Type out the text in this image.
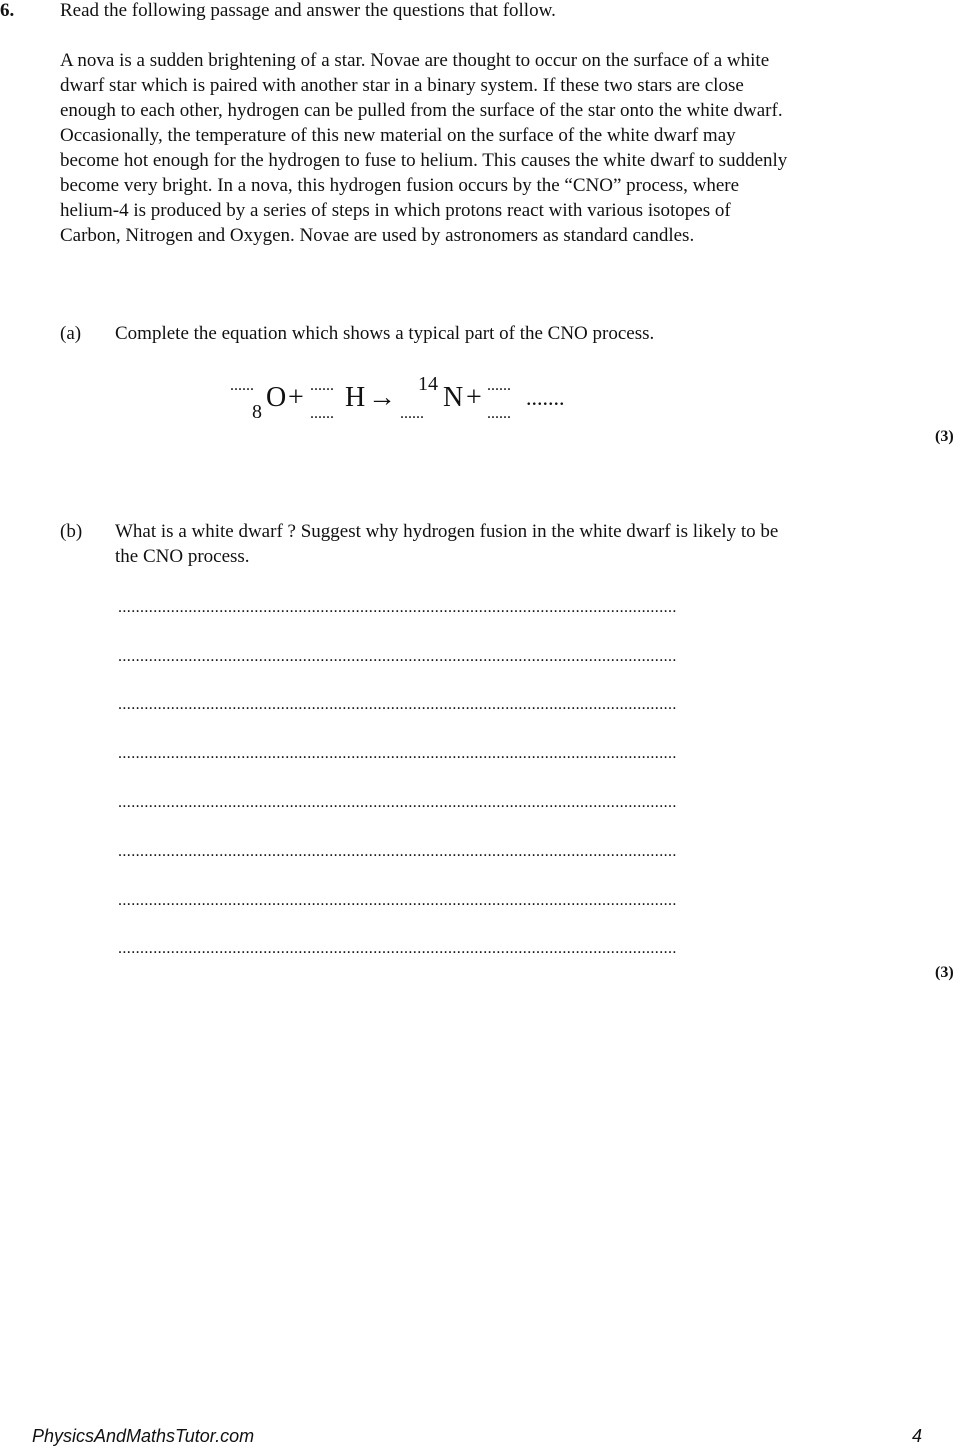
6. Read the following passage and answer the questions that follow.
A nova is a sudden brightening of a star. Novae are thought to occur on the surface of a white
dwarf star which is paired with another star in a binary system. If these two stars are close
enough to each other, hydrogen can be pulled from the surface of the star onto the white dwarf.
Occasionally, the temperature of this new material on the surface of the white dwarf may
become hot enough for the hydrogen to fuse to helium. This causes the white dwarf to suddenly
become very bright. In a nova, this hydrogen fusion occurs by the “CNO” process, where
helium-4 is produced by a series of steps in which protons react with various isotopes of
Carbon, Nitrogen and Oxygen. Novae are used by astronomers as standard candles.
(a) Complete the equation which shows a typical part of the CNO process.
......
8 O + ......
......
H → 14
......
N + ......
......
.......
(3)
(b) What is a white dwarf ? Suggest why hydrogen fusion in the white dwarf is likely to be
the CNO process.
...............................................................................................................................
...............................................................................................................................
...............................................................................................................................
...............................................................................................................................
...............................................................................................................................
...............................................................................................................................
...............................................................................................................................
...............................................................................................................................
(3)
PhysicsAndMathsTutor.com	4
